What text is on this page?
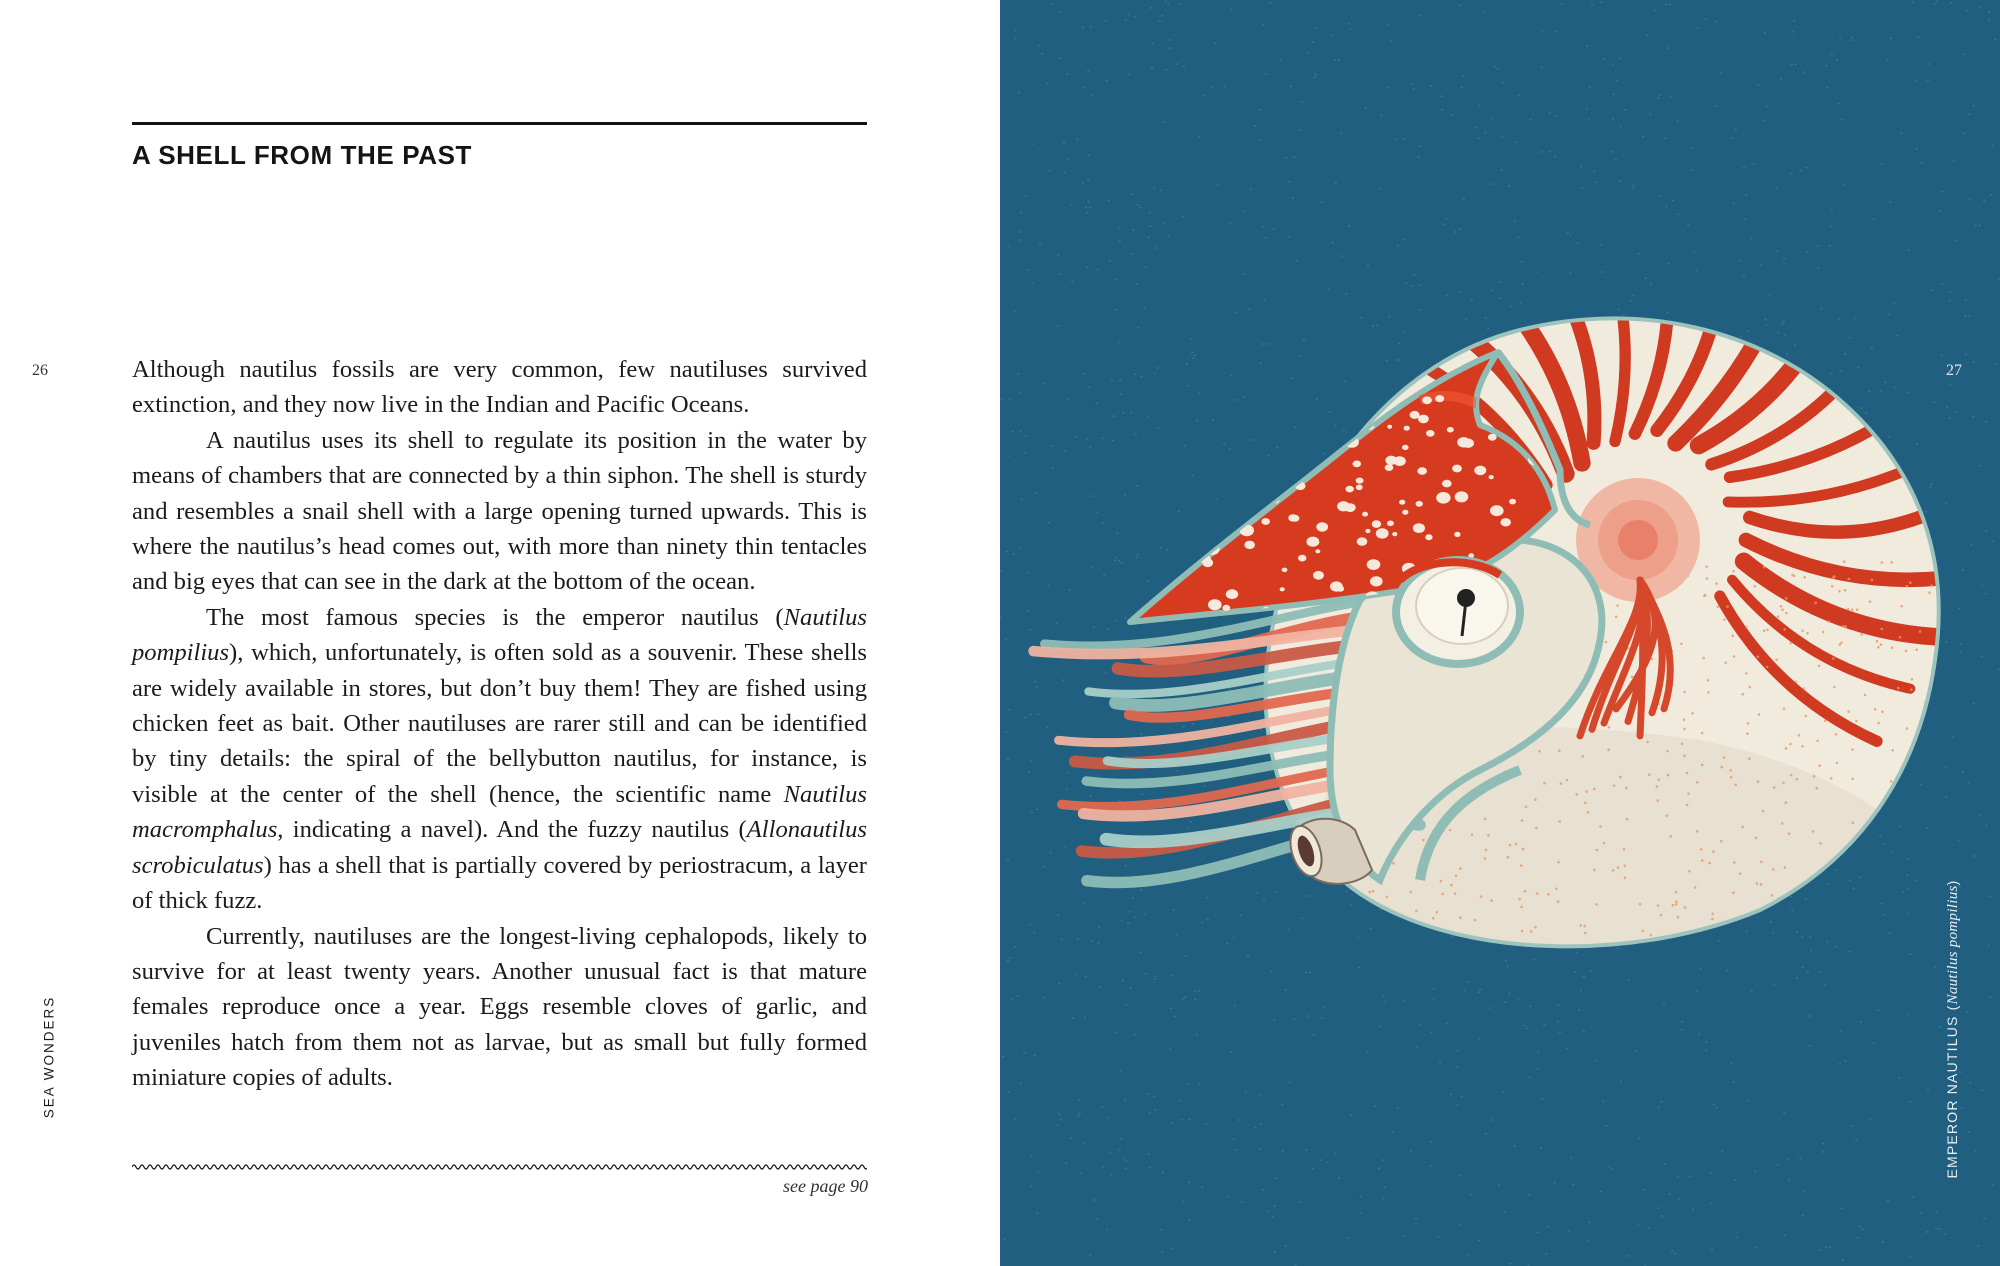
A SHELL FROM THE PAST
26	Although nautilus fossils are very common, few nautiluses survived extinction, and they now live in the Indian and Pacific Oceans.

A nautilus uses its shell to regulate its position in the water by means of chambers that are connected by a thin siphon. The shell is sturdy and resembles a snail shell with a large opening turned upwards. This is where the nautilus’s head comes out, with more than ninety thin tentacles and big eyes that can see in the dark at the bottom of the ocean.

The most famous species is the emperor nautilus (Nautilus pompilius), which, unfortunately, is often sold as a souvenir. These shells are widely available in stores, but don’t buy them! They are fished using chicken feet as bait. Other nautiluses are rarer still and can be identified by tiny details: the spiral of the bellybutton nautilus, for instance, is visible at the center of the shell (hence, the scientific name Nautilus macromphalus, indicating a navel). And the fuzzy nautilus (Allonautilus scrobiculatus) has a shell that is partially covered by periostracum, a layer of thick fuzz.

Currently, nautiluses are the longest-living cephalopods, likely to survive for at least twenty years. Another unusual fact is that mature females reproduce once a year. Eggs resemble cloves of garlic, and juveniles hatch from them not as larvae, but as small but fully formed miniature copies of adults.

SEA WONDERS

see page 90

27
EMPEROR NAUTILUS (Nautilus pompilius)
